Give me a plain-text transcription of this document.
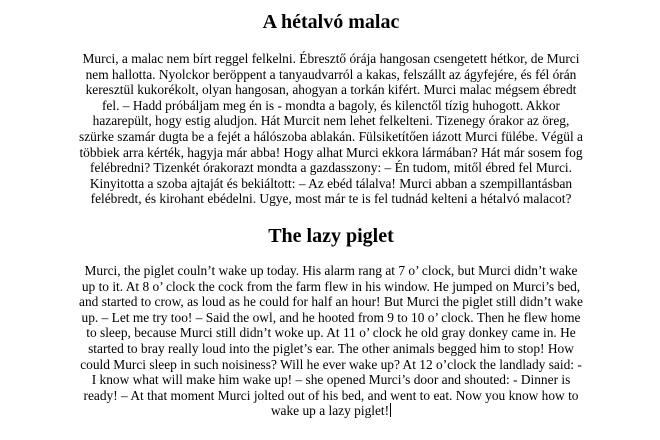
A hétalvó malac

Murci, a malac nem bírt reggel felkelni. Ébresztő órája hangosan csengetett hétkor, de Murci
nem hallotta. Nyolckor beröppent a tanyaudvarról a kakas, felszállt az ágyfejére, és fél órán
keresztül kukorékolt, olyan hangosan, ahogyan a torkán kifért. Murci malac mégsem ébredt
fel. – Hadd próbáljam meg én is - mondta a bagoly, és kilenctől tízig huhogott. Akkor
hazarepült, hogy estig aludjon. Hát Murcit nem lehet felkelteni. Tizenegy órakor az öreg,
szürke szamár dugta be a fejét a hálószoba ablakán. Fülsiketítően iázott Murci fülébe. Végül a
többiek arra kérték, hagyja már abba! Hogy alhat Murci ekkora lármában? Hát már sosem fog
felébredni? Tizenkét órakorazt mondta a gazdasszony: – Én tudom, mitől ébred fel Murci.
Kinyitotta a szoba ajtaját és bekiáltott: – Az ebéd tálalva! Murci abban a szempillantásban
felébredt, és kirohant ebédelni. Ugye, most már te is fel tudnád kelteni a hétalvó malacot?

The lazy piglet

Murci, the piglet couln’t wake up today. His alarm rang at 7 o’ clock, but Murci didn’t wake
up to it. At 8 o’ clock the cock from the farm flew in his window. He jumped on Murci’s bed,
and started to crow, as loud as he could for half an hour! But Murci the piglet still didn’t wake
up. – Let me try too! – Said the owl, and he hooted from 9 to 10 o’ clock. Then he flew home
to sleep, because Murci still didn’t woke up. At 11 o’ clock he old gray donkey came in. He
started to bray really loud into the piglet’s ear. The other animals begged him to stop! How
could Murci sleep in such noisiness? Will he ever wake up? At 12 o’clock the landlady said: -
I know what will make him wake up! – she opened Murci’s door and shouted: - Dinner is
ready! – At that moment Murci jolted out of his bed, and went to eat. Now you know how to
wake up a lazy piglet!
